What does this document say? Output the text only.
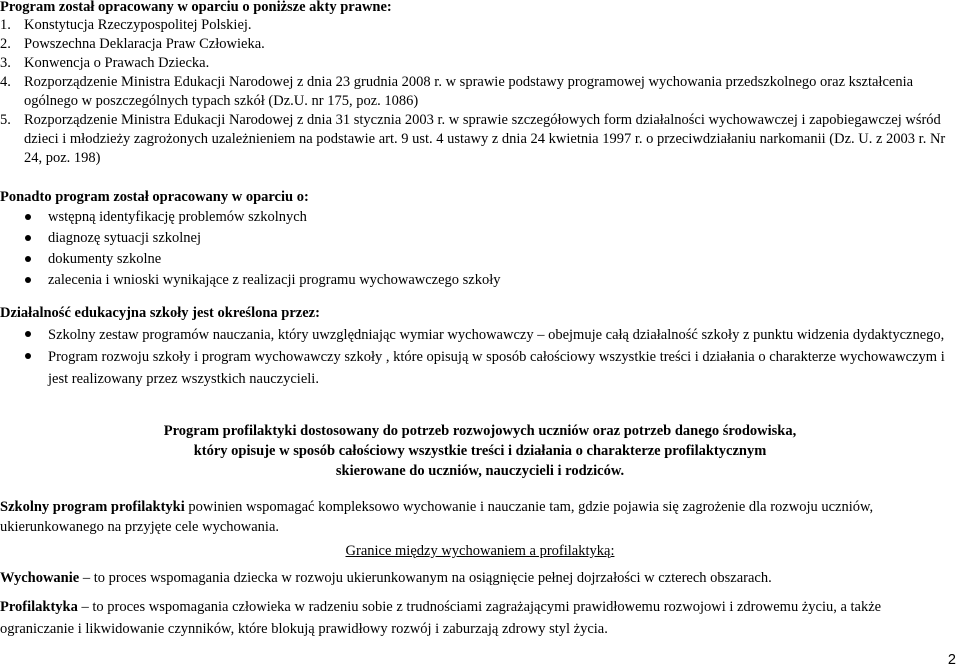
Program został opracowany w oparciu o poniższe akty prawne:

1. Konstytucja Rzeczypospolitej Polskiej.
2. Powszechna Deklaracja Praw Człowieka.
3. Konwencja o Prawach Dziecka.
4. Rozporządzenie Ministra Edukacji Narodowej z dnia 23 grudnia 2008 r. w sprawie podstawy programowej wychowania przedszkolnego oraz kształcenia ogólnego w poszczególnych typach szkół (Dz.U. nr 175, poz. 1086)
5. Rozporządzenie Ministra Edukacji Narodowej z dnia 31 stycznia 2003 r. w sprawie szczegółowych form działalności wychowawczej i zapobiegawczej wśród dzieci i młodzieży zagrożonych uzależnieniem na podstawie art. 9 ust. 4 ustawy z dnia 24 kwietnia 1997 r. o przeciwdziałaniu narkomanii (Dz. U. z 2003 r. Nr 24, poz. 198)

Ponadto program został opracowany w oparciu o:

wstępną identyfikację problemów szkolnych
diagnozę sytuacji szkolnej
dokumenty szkolne
zalecenia i wnioski wynikające z realizacji programu wychowawczego szkoły

Działalność edukacyjna szkoły jest określona przez:

Szkolny zestaw programów nauczania, który uwzględniając wymiar wychowawczy – obejmuje całą działalność szkoły z punktu widzenia dydaktycznego,
Program rozwoju szkoły i program wychowawczy szkoły , które opisują w sposób całościowy wszystkie treści i działania o charakterze wychowawczym i jest realizowany przez wszystkich nauczycieli.

Program profilaktyki dostosowany do potrzeb rozwojowych uczniów oraz potrzeb danego środowiska,

który opisuje w sposób całościowy wszystkie treści i działania o charakterze profilaktycznym

skierowane do uczniów, nauczycieli i rodziców.

Szkolny program profilaktyki powinien wspomagać kompleksowo wychowanie i nauczanie tam, gdzie pojawia się zagrożenie dla rozwoju uczniów, ukierunkowanego na przyjęte cele wychowania.

Granice między wychowaniem a profilaktyką:

Wychowanie – to proces wspomagania dziecka w rozwoju ukierunkowanym na osiągnięcie pełnej dojrzałości w czterech obszarach.

Profilaktyka – to proces wspomagania człowieka w radzeniu sobie z trudnościami zagrażającymi prawidłowemu rozwojowi i zdrowemu życiu, a także ograniczanie i likwidowanie czynników, które blokują prawidłowy rozwój i zaburzają zdrowy styl życia.

2
